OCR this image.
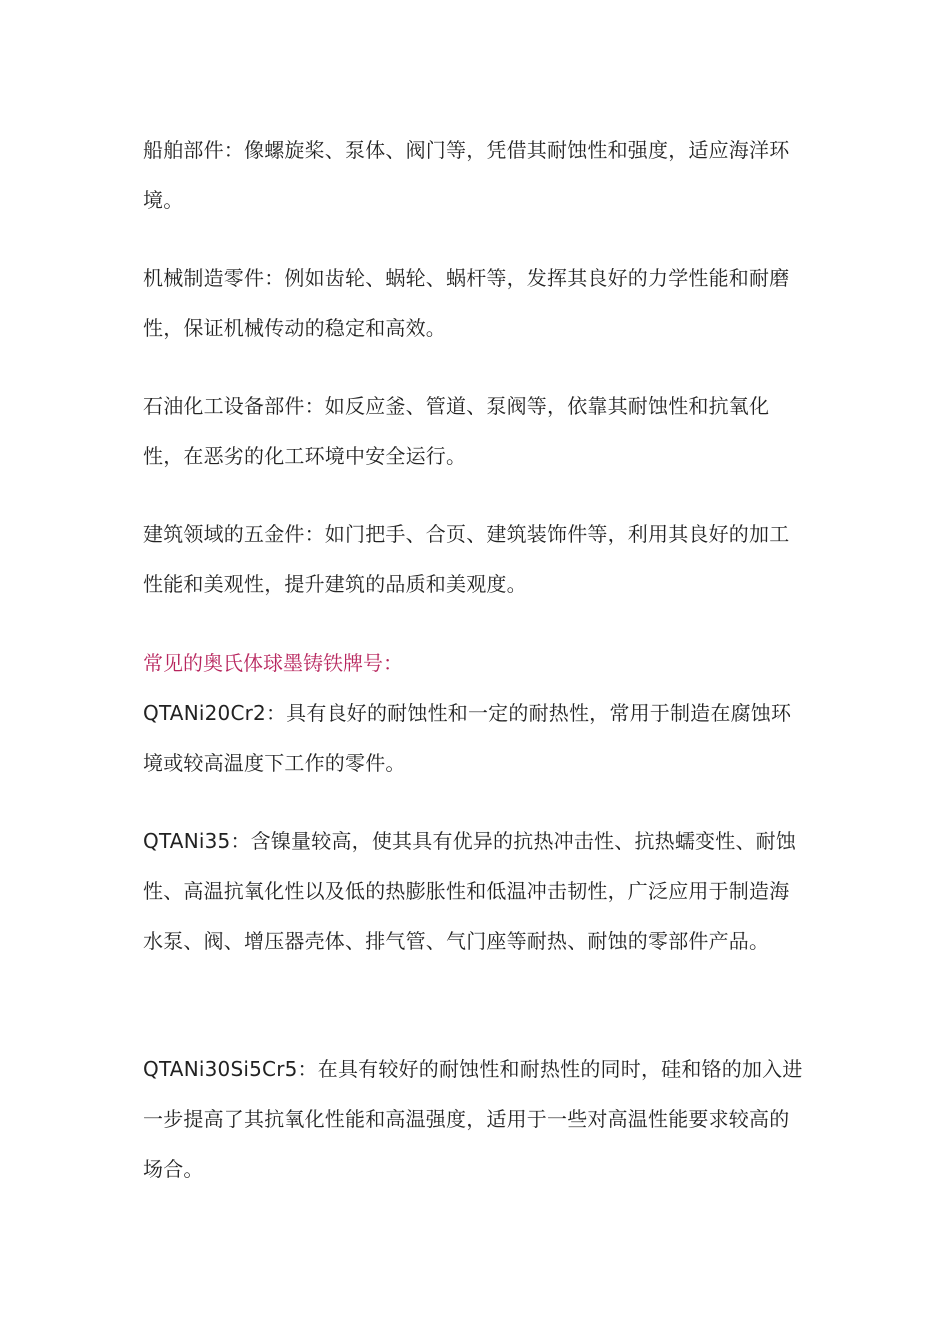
船舶部件：像螺旋桨、泵体、阀门等，凭借其耐蚀性和强度，适应海洋环境。

机械制造零件：例如齿轮、蜗轮、蜗杆等，发挥其良好的力学性能和耐磨性，保证机械传动的稳定和高效。

石油化工设备部件：如反应釜、管道、泵阀等，依靠其耐蚀性和抗氧化性，在恶劣的化工环境中安全运行。

建筑领域的五金件：如门把手、合页、建筑装饰件等，利用其良好的加工性能和美观性，提升建筑的品质和美观度。

常见的奥氏体球墨铸铁牌号：

QTANi20Cr2：具有良好的耐蚀性和一定的耐热性，常用于制造在腐蚀环境或较高温度下工作的零件。

QTANi35：含镍量较高，使其具有优异的抗热冲击性、抗热蠕变性、耐蚀性、高温抗氧化性以及低的热膨胀性和低温冲击韧性，广泛应用于制造海水泵、阀、增压器壳体、排气管、气门座等耐热、耐蚀的零部件产品。

QTANi30Si5Cr5：在具有较好的耐蚀性和耐热性的同时，硅和铬的加入进一步提高了其抗氧化性能和高温强度，适用于一些对高温性能要求较高的场合。
